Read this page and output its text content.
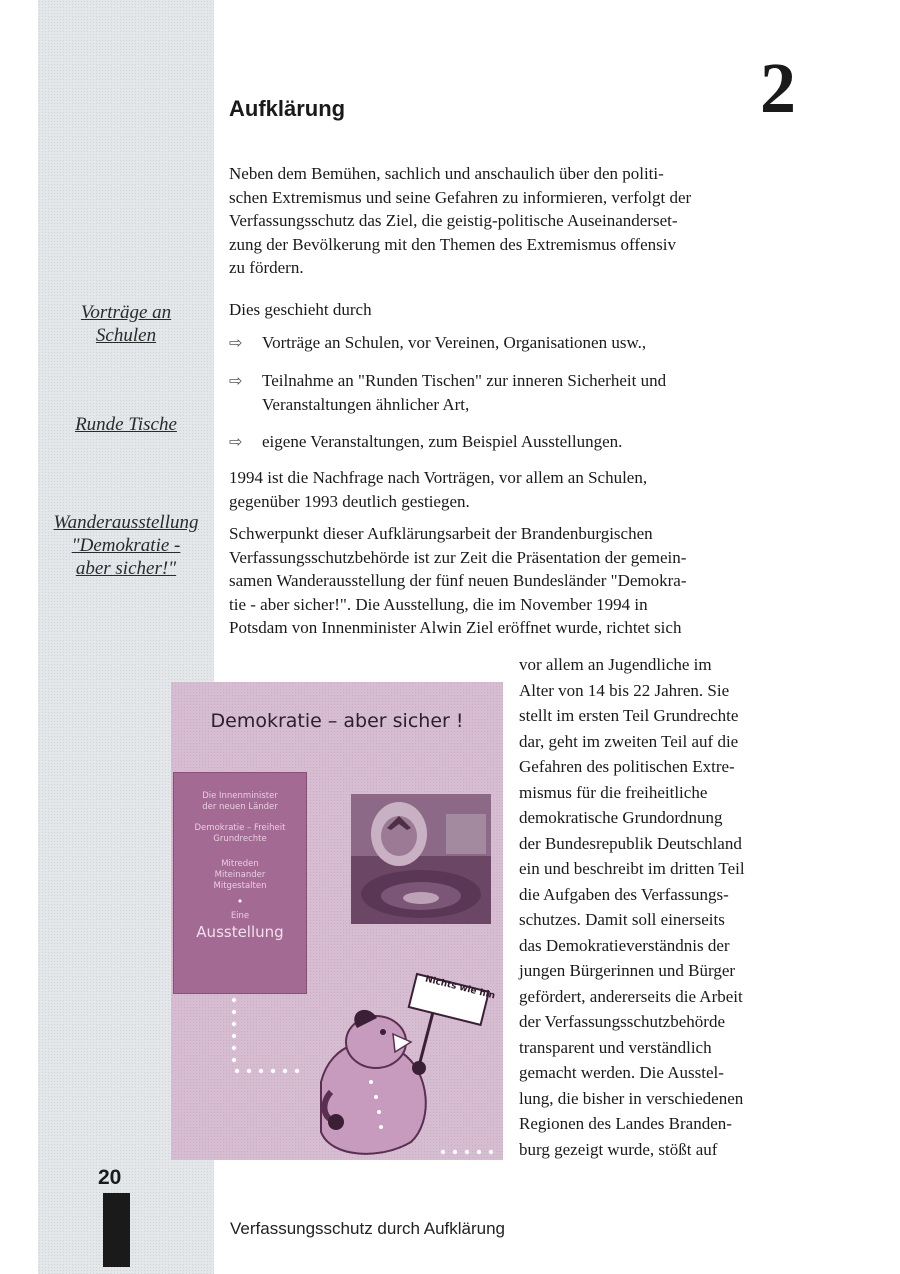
Vorträge an
Schulen
Runde Tische
Wanderausstellung
"Demokratie -
aber sicher!"
Aufklärung	2
Neben dem Bemühen, sachlich und anschaulich über den politi-
schen Extremismus und seine Gefahren zu informieren, verfolgt der
Verfassungsschutz das Ziel, die geistig-politische Auseinanderset-
zung der Bevölkerung mit den Themen des Extremismus offensiv
zu fördern.
Dies geschieht durch
⇨ Vorträge an Schulen, vor Vereinen, Organisationen usw.,
⇨ Teilnahme an "Runden Tischen" zur inneren Sicherheit und
Veranstaltungen ähnlicher Art,
⇨ eigene Veranstaltungen, zum Beispiel Ausstellungen.
1994 ist die Nachfrage nach Vorträgen, vor allem an Schulen,
gegenüber 1993 deutlich gestiegen.
Schwerpunkt dieser Aufklärungsarbeit der Brandenburgischen
Verfassungsschutzbehörde ist zur Zeit die Präsentation der gemein-
samen Wanderausstellung der fünf neuen Bundesländer "Demokra-
tie - aber sicher!". Die Ausstellung, die im November 1994 in
Potsdam von Innenminister Alwin Ziel eröffnet wurde, richtet sich
vor allem an Jugendliche im
Alter von 14 bis 22 Jahren. Sie
stellt im ersten Teil Grundrechte
dar, geht im zweiten Teil auf die
Gefahren des politischen Extre-
mismus für die freiheitliche
demokratische Grundordnung
der Bundesrepublik Deutschland
ein und beschreibt im dritten Teil
die Aufgaben des Verfassungs-
schutzes. Damit soll einerseits
das Demokratieverständnis der
jungen Bürgerinnen und Bürger
gefördert, andererseits die Arbeit
der Verfassungsschutzbehörde
transparent und verständlich
gemacht werden. Die Ausstel-
lung, die bisher in verschiedenen
Regionen des Landes Branden-
burg gezeigt wurde, stößt auf
Demokratie – aber sicher !
Die Innenminister
der neuen Länder
Demokratie – Freiheit
Grundrechte
Mitreden
Miteinander
Mitgestalten
•
Eine
Ausstellung
Nichts wie hin
20
Verfassungsschutz durch Aufklärung
